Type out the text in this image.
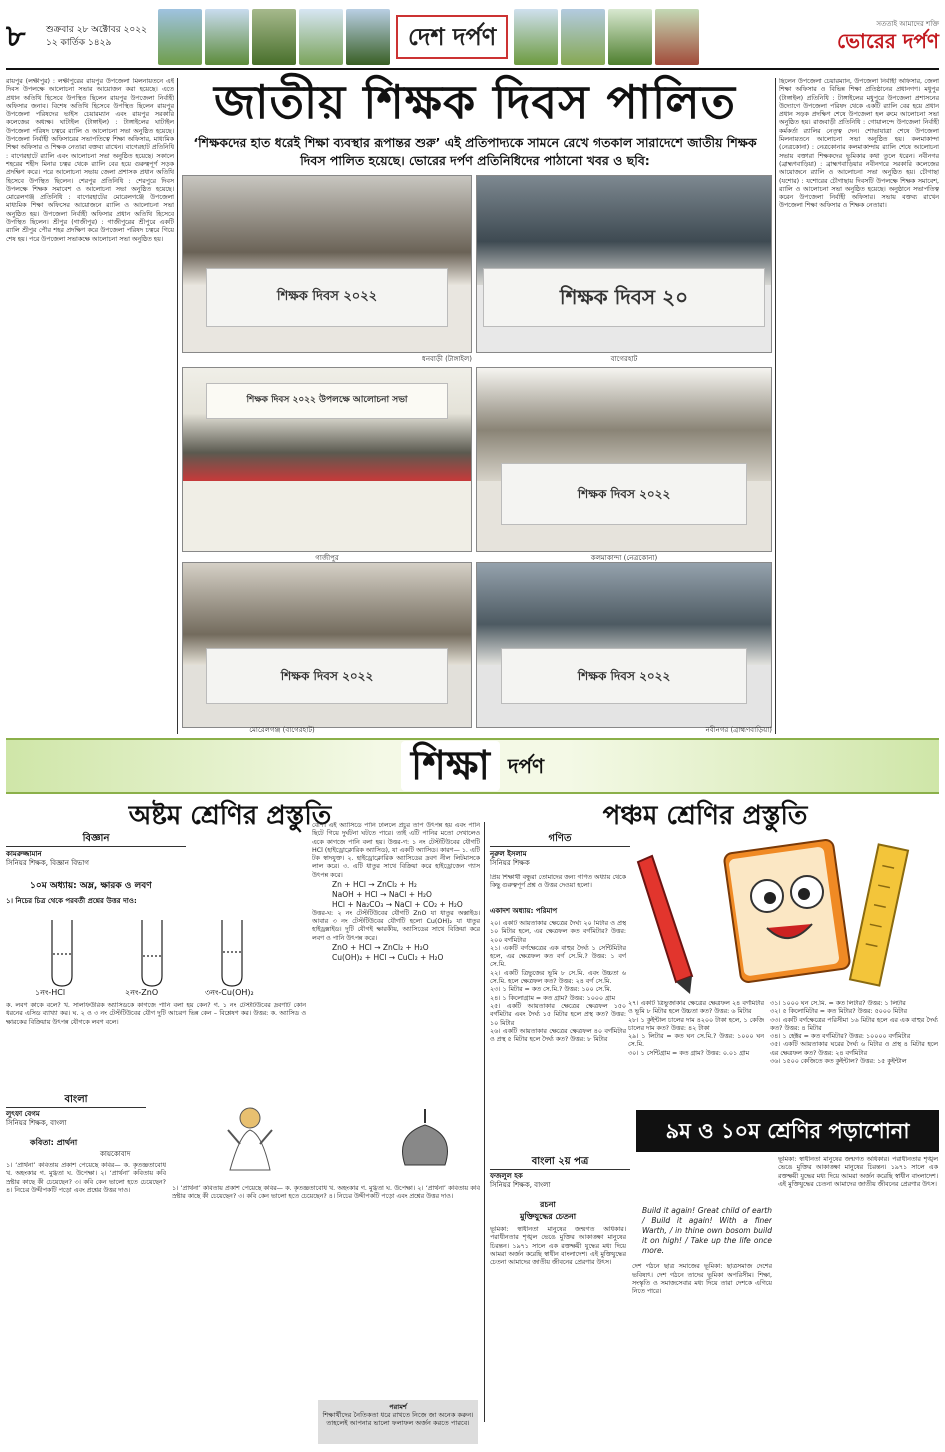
৮	শুক্রবার ২৮ অক্টোবর ২০২২
১২ কার্তিক ১৪২৯	দেশ দর্পণ	সততাই আমাদের শক্তি
ভোরের দর্পণ
রায়পুর (লক্ষীপুর) : লক্ষীপুরের রায়পুর উপজেলা মিলনায়তনে এই দিবস উপলক্ষে আলোচনা সভার আয়োজন করা হয়েছে। এতে প্রধান অতিথি হিসেবে উপস্থিত ছিলেন রায়পুর উপজেলা নির্বাহী অফিসার জনাব। বিশেষ অতিথি হিসেবে উপস্থিত ছিলেন রায়পুর উপজেলা পরিষদের ভাইস চেয়ারম্যান এবং রায়পুর সরকারি কলেজের অধ্যক্ষ। ঘাটাইল (টাঙ্গাইল) : টাঙ্গাইলের ঘাটাইল উপজেলা পরিষদ চত্বরে র‍্যালি ও আলোচনা সভা অনুষ্ঠিত হয়েছে। উপজেলা নির্বাহী অফিসারের সভাপতিত্বে শিক্ষা অফিসার, মাধ্যমিক শিক্ষা অফিসার ও শিক্ষক নেতারা বক্তব্য রাখেন। বাগেরহাট প্রতিনিধি : বাগেরহাটে র‍্যালি এবং আলোচনা সভা অনুষ্ঠিত হয়েছে। সকালে শহরের শহীদ মিনার চত্বর থেকে র‍্যালি বের হয়ে গুরুত্বপূর্ণ সড়ক প্রদক্ষিণ করে। পরে আলোচনা সভায় জেলা প্রশাসক প্রধান অতিথি হিসেবে উপস্থিত ছিলেন। শেরপুর প্রতিনিধি : শেরপুরে দিবস উপলক্ষে শিক্ষক সমাবেশ ও আলোচনা সভা অনুষ্ঠিত হয়েছে। মোরেলগঞ্জ প্রতিনিধি : বাগেরহাটের মোরেলগঞ্জে উপজেলা মাধ্যমিক শিক্ষা অফিসের আয়োজনে র‍্যালি ও আলোচনা সভা অনুষ্ঠিত হয়। উপজেলা নির্বাহী অফিসার প্রধান অতিথি হিসেবে উপস্থিত ছিলেন। শ্রীপুর (গাজীপুর) : গাজীপুরের শ্রীপুরে একটি র‍্যালি শ্রীপুর পৌর শহর প্রদক্ষিণ করে উপজেলা পরিষদ চত্বরে গিয়ে শেষ হয়। পরে উপজেলা সভাকক্ষে আলোচনা সভা অনুষ্ঠিত হয়।
জাতীয় শিক্ষক দিবস পালিত
‘শিক্ষকদের হাত ধরেই শিক্ষা ব্যবস্থার রূপান্তর শুরু’ এই প্রতিপাদ্যকে সামনে রেখে গতকাল সারাদেশে জাতীয় শিক্ষক দিবস পালিত হয়েছে। ভোরের দর্পণ প্রতিনিধিদের পাঠানো খবর ও ছবি:
শিক্ষক দিবস ২০২২
ধনবাড়ী (টাঙ্গাইল)
শিক্ষক দিবস ২০
বাগেরহাট
শিক্ষক দিবস ২০২২ উপলক্ষে আলোচনা সভা
গাজীপুর
শিক্ষক দিবস ২০২২
কলমাকান্দা (নেত্রকোনা)
শিক্ষক দিবস ২০২২
মোরেলগঞ্জ (বাগেরহাট)
শিক্ষক দিবস ২০২২
নবীনগর (ব্রাহ্মণবাড়িয়া)
ছিলেন উপজেলা চেয়ারম্যান, উপজেলা নির্বাহী অফিসার, জেলা শিক্ষা অফিসার ও বিভিন্ন শিক্ষা প্রতিষ্ঠানের প্রধানগণ। মধুপুর (টাঙ্গাইল) প্রতিনিধি : টাঙ্গাইলের মধুপুরে উপজেলা প্রশাসনের উদ্যোগে উপজেলা পরিষদ থেকে একটি র‍্যালি বের হয়ে প্রধান প্রধান সড়ক প্রদক্ষিণ শেষে উপজেলা হল রুমে আলোচনা সভা অনুষ্ঠিত হয়। রাজবাড়ী প্রতিনিধি : গোয়ালন্দে উপজেলা নির্বাহী কর্মকর্তা র‍্যালির নেতৃত্ব দেন। শোভাযাত্রা শেষে উপজেলা মিলনায়তনে আলোচনা সভা অনুষ্ঠিত হয়। কলমাকান্দা (নেত্রকোনা) : নেত্রকোনার কলমাকান্দায় র‍্যালি শেষে আলোচনা সভায় বক্তারা শিক্ষকদের ভূমিকার কথা তুলে ধরেন। নবীনগর (ব্রাহ্মণবাড়িয়া) : ব্রাহ্মণবাড়িয়ার নবীনগরে সরকারি কলেজের আয়োজনে র‍্যালি ও আলোচনা সভা অনুষ্ঠিত হয়। চৌগাছা (যশোর) : যশোরের চৌগাছায় দিবসটি উপলক্ষে শিক্ষক সমাবেশ, র‍্যালি ও আলোচনা সভা অনুষ্ঠিত হয়েছে। অনুষ্ঠানে সভাপতিত্ব করেন উপজেলা নির্বাহী অফিসার। সভায় বক্তব্য রাখেন উপজেলা শিক্ষা অফিসার ও শিক্ষক নেতারা।
শিক্ষা দর্পণ
অষ্টম শ্রেণির প্রস্তুতি	পঞ্চম শ্রেণির প্রস্তুতি
বিজ্ঞান
কামরুজ্জামান
সিনিয়র শিক্ষক, বিজ্ঞান বিভাগ
১০ম অধ্যায়: অম্ল, ক্ষারক ও লবণ
১। নিচের চিত্র থেকে পরবর্তী প্রশ্নের উত্তর দাও:
১নং-HCl	২নং-ZnO	৩নং-Cu(OH)₂
ক. লবণ কাকে বলে? খ. সালফিউরিক অ্যাসিডকে কাগজে পানি বলা হয় কেন? গ. ১ নং টেস্টটিউবের দ্রবণটি কোন ধরনের এসিড ব্যাখ্যা কর। ঘ. ২ ও ৩ নং টেস্টটিউবের যৌগ দুটি আচরণ ভিন্ন কেন – বিশ্লেষণ কর। উত্তর: ক. অ্যাসিড ও ক্ষারকের বিক্রিয়ায় উৎপন্ন যৌগকে লবণ বলে।
বেশি। এই অ্যাসিডে পানি ঢাললে প্রচুর তাপ উৎপন্ন হয় এবং পানি ছিটে গিয়ে দুর্ঘটনা ঘটতে পারে। তাই এটি পানির মতো দেখালেও একে কাগজে পানি বলা হয়। উত্তর-গ: ১ নং টেস্টটিউবের যৌগটি HCl (হাইড্রোক্লোরিক অ্যাসিড), যা একটি অ্যাসিড। কারণ— ১. এটি টক স্বাদযুক্ত। ২. হাইড্রোক্লোরিক অ্যাসিডের দ্রবণ নীল লিটমাসকে লাল করে। ৩. এটি ধাতুর সাথে বিক্রিয়া করে হাইড্রোজেন গ্যাস উৎপন্ন করে।
Zn + HCl → ZnCl₂ + H₂
NaOH + HCl → NaCl + H₂O
HCl + Na₂CO₃ → NaCl + CO₂ + H₂O
উত্তর-ঘ: ২ নং টেস্টটিউবের যৌগটি ZnO যা ধাতুর অক্সাইড। আবার ৩ নং টেস্টটিউবের যৌগটি হলো Cu(OH)₂ যা ধাতুর হাইড্রক্সাইড। দুটি যৌগই ক্ষারকীয়, অ্যাসিডের সাথে বিক্রিয়া করে লবণ ও পানি উৎপন্ন করে।
ZnO + HCl → ZnCl₂ + H₂O
Cu(OH)₂ + HCl → CuCl₂ + H₂O
বাংলা
লুৎফা বেগম
সিনিয়র শিক্ষক, বাংলা
কবিতা: প্রার্থনা
কায়কোবাদ
১। ‘প্রার্থনা’ কবিতায় প্রকাশ পেয়েছে কবির— ক. কৃতজ্ঞতাবোধ খ. অহংকার গ. মুগ্ধতা ঘ. উপেক্ষা। ২। ‘প্রার্থনা’ কবিতায় কবি স্রষ্টার কাছে কী চেয়েছেন? ৩। কবি কেন ভালো হতে চেয়েছেন? ৪। নিচের উদ্দীপকটি পড়ো এবং প্রশ্নের উত্তর দাও।	১। ‘প্রার্থনা’ কবিতায় প্রকাশ পেয়েছে কবির— ক. কৃতজ্ঞতাবোধ খ. অহংকার গ. মুগ্ধতা ঘ. উপেক্ষা। ২। ‘প্রার্থনা’ কবিতায় কবি স্রষ্টার কাছে কী চেয়েছেন? ৩। কবি কেন ভালো হতে চেয়েছেন? ৪। নিচের উদ্দীপকটি পড়ো এবং প্রশ্নের উত্তর দাও।
পরামর্শ
শিক্ষার্থীদের নৈতিকতা ধরে রাখতে নিজে জা অনেক করুন। তাহলেই আপনার ভালো ফলাফল অর্জন করতে পারবে।
গণিত
নূরুল ইসলাম
সিনিয়র শিক্ষক
প্রিয় শিক্ষার্থী বন্ধুরা তোমাদের জন্য গণিত অধ্যায় থেকে কিছু গুরুত্বপূর্ণ প্রশ্ন ও উত্তর দেওয়া হলো।
একাদশ অধ্যায়: পরিমাপ
২০। একটি আয়তাকার ক্ষেত্রের দৈর্ঘ্য ২০ মিটার ও প্রস্থ ১০ মিটার হলে, এর ক্ষেত্রফল কত বর্গমিটার? উত্তর: ২০০ বর্গমিটার
২১। একটি বর্গক্ষেত্রের এক বাহুর দৈর্ঘ্য ১ সেন্টিমিটার হলে, এর ক্ষেত্রফল কত বর্গ সে.মি.? উত্তর: ১ বর্গ সে.মি.
২২। একটি ত্রিভুজের ভূমি ৮ সে.মি. এবং উচ্চতা ৬ সে.মি. হলে ক্ষেত্রফল কত? উত্তর: ২৪ বর্গ সে.মি.
২৩। ১ মিটার = কত সে.মি.? উত্তর: ১০০ সে.মি.
২৪। ১ কিলোগ্রাম = কত গ্রাম? উত্তর: ১০০০ গ্রাম
২৫। একটি আয়তাকার ক্ষেত্রের ক্ষেত্রফল ১৫০ বর্গমিটার এবং দৈর্ঘ্য ১৫ মিটার হলে প্রস্থ কত? উত্তর: ১০ মিটার
২৬। একটি আয়তাকার ক্ষেত্রের ক্ষেত্রফল ৪০ বর্গমিটার ও প্রস্থ ৫ মিটার হলে দৈর্ঘ্য কত? উত্তর: ৮ মিটার
২৭। একটি ত্রিভুজাকার ক্ষেত্রের ক্ষেত্রফল ২৪ বর্গমিটার ও ভূমি ৮ মিটার হলে উচ্চতা কত? উত্তর: ৬ মিটার
২৮। ১ কুইন্টাল চালের দাম ৪২০০ টাকা হলে, ১ কেজি চালের দাম কত? উত্তর: ৪২ টাকা
২৯। ১ লিটার = কত ঘন সে.মি.? উত্তর: ১০০০ ঘন সে.মি.
৩০। ১ সেন্টিগ্রাম = কত গ্রাম? উত্তর: ০.০১ গ্রাম
৩১। ১০০০ ঘন সে.মি. = কত লিটার? উত্তর: ১ লিটার
৩২। ৫ কিলোমিটার = কত মিটার? উত্তর: ৫০০০ মিটার
৩৩। একটি বর্গক্ষেত্রের পরিসীমা ১৬ মিটার হলে এর এক বাহুর দৈর্ঘ্য কত? উত্তর: ৪ মিটার
৩৪। ১ হেক্টর = কত বর্গমিটার? উত্তর: ১০০০০ বর্গমিটার
৩৫। একটি আয়তাকার ঘরের দৈর্ঘ্য ৬ মিটার ও প্রস্থ ৪ মিটার হলে এর ক্ষেত্রফল কত? উত্তর: ২৪ বর্গমিটার
৩৬। ১৫০০ কেজিতে কত কুইন্টাল? উত্তর: ১৫ কুইন্টাল
৯ম ও ১০ম শ্রেণির পড়াশোনা
বাংলা ২য় পত্র
ফজলুল হক
সিনিয়র শিক্ষক, বাংলা
রচনা
মুক্তিযুদ্ধের চেতনা
ভূমিকা: স্বাধীনতা মানুষের জন্মগত অধিকার। পরাধীনতার শৃঙ্খল ভেঙে মুক্তির আকাঙ্ক্ষা মানুষের চিরন্তন। ১৯৭১ সালে এক রক্তক্ষয়ী যুদ্ধের মধ্য দিয়ে আমরা অর্জন করেছি স্বাধীন বাংলাদেশ। এই মুক্তিযুদ্ধের চেতনা আমাদের জাতীয় জীবনের প্রেরণার উৎস।
Build it again! Great child of earth / Build it again! With a finer Warth, / in thine own bosom build it on high! / Take up the life once more.
দেশ গঠনে ছাত্র সমাজের ভূমিকা: ছাত্রসমাজ দেশের ভবিষ্যৎ। দেশ গঠনে তাদের ভূমিকা অপরিসীম। শিক্ষা, সংস্কৃতি ও সমাজসেবার মধ্য দিয়ে তারা দেশকে এগিয়ে নিতে পারে।
ভূমিকা: স্বাধীনতা মানুষের জন্মগত অধিকার। পরাধীনতার শৃঙ্খল ভেঙে মুক্তির আকাঙ্ক্ষা মানুষের চিরন্তন। ১৯৭১ সালে এক রক্তক্ষয়ী যুদ্ধের মধ্য দিয়ে আমরা অর্জন করেছি স্বাধীন বাংলাদেশ। এই মুক্তিযুদ্ধের চেতনা আমাদের জাতীয় জীবনের প্রেরণার উৎস।
